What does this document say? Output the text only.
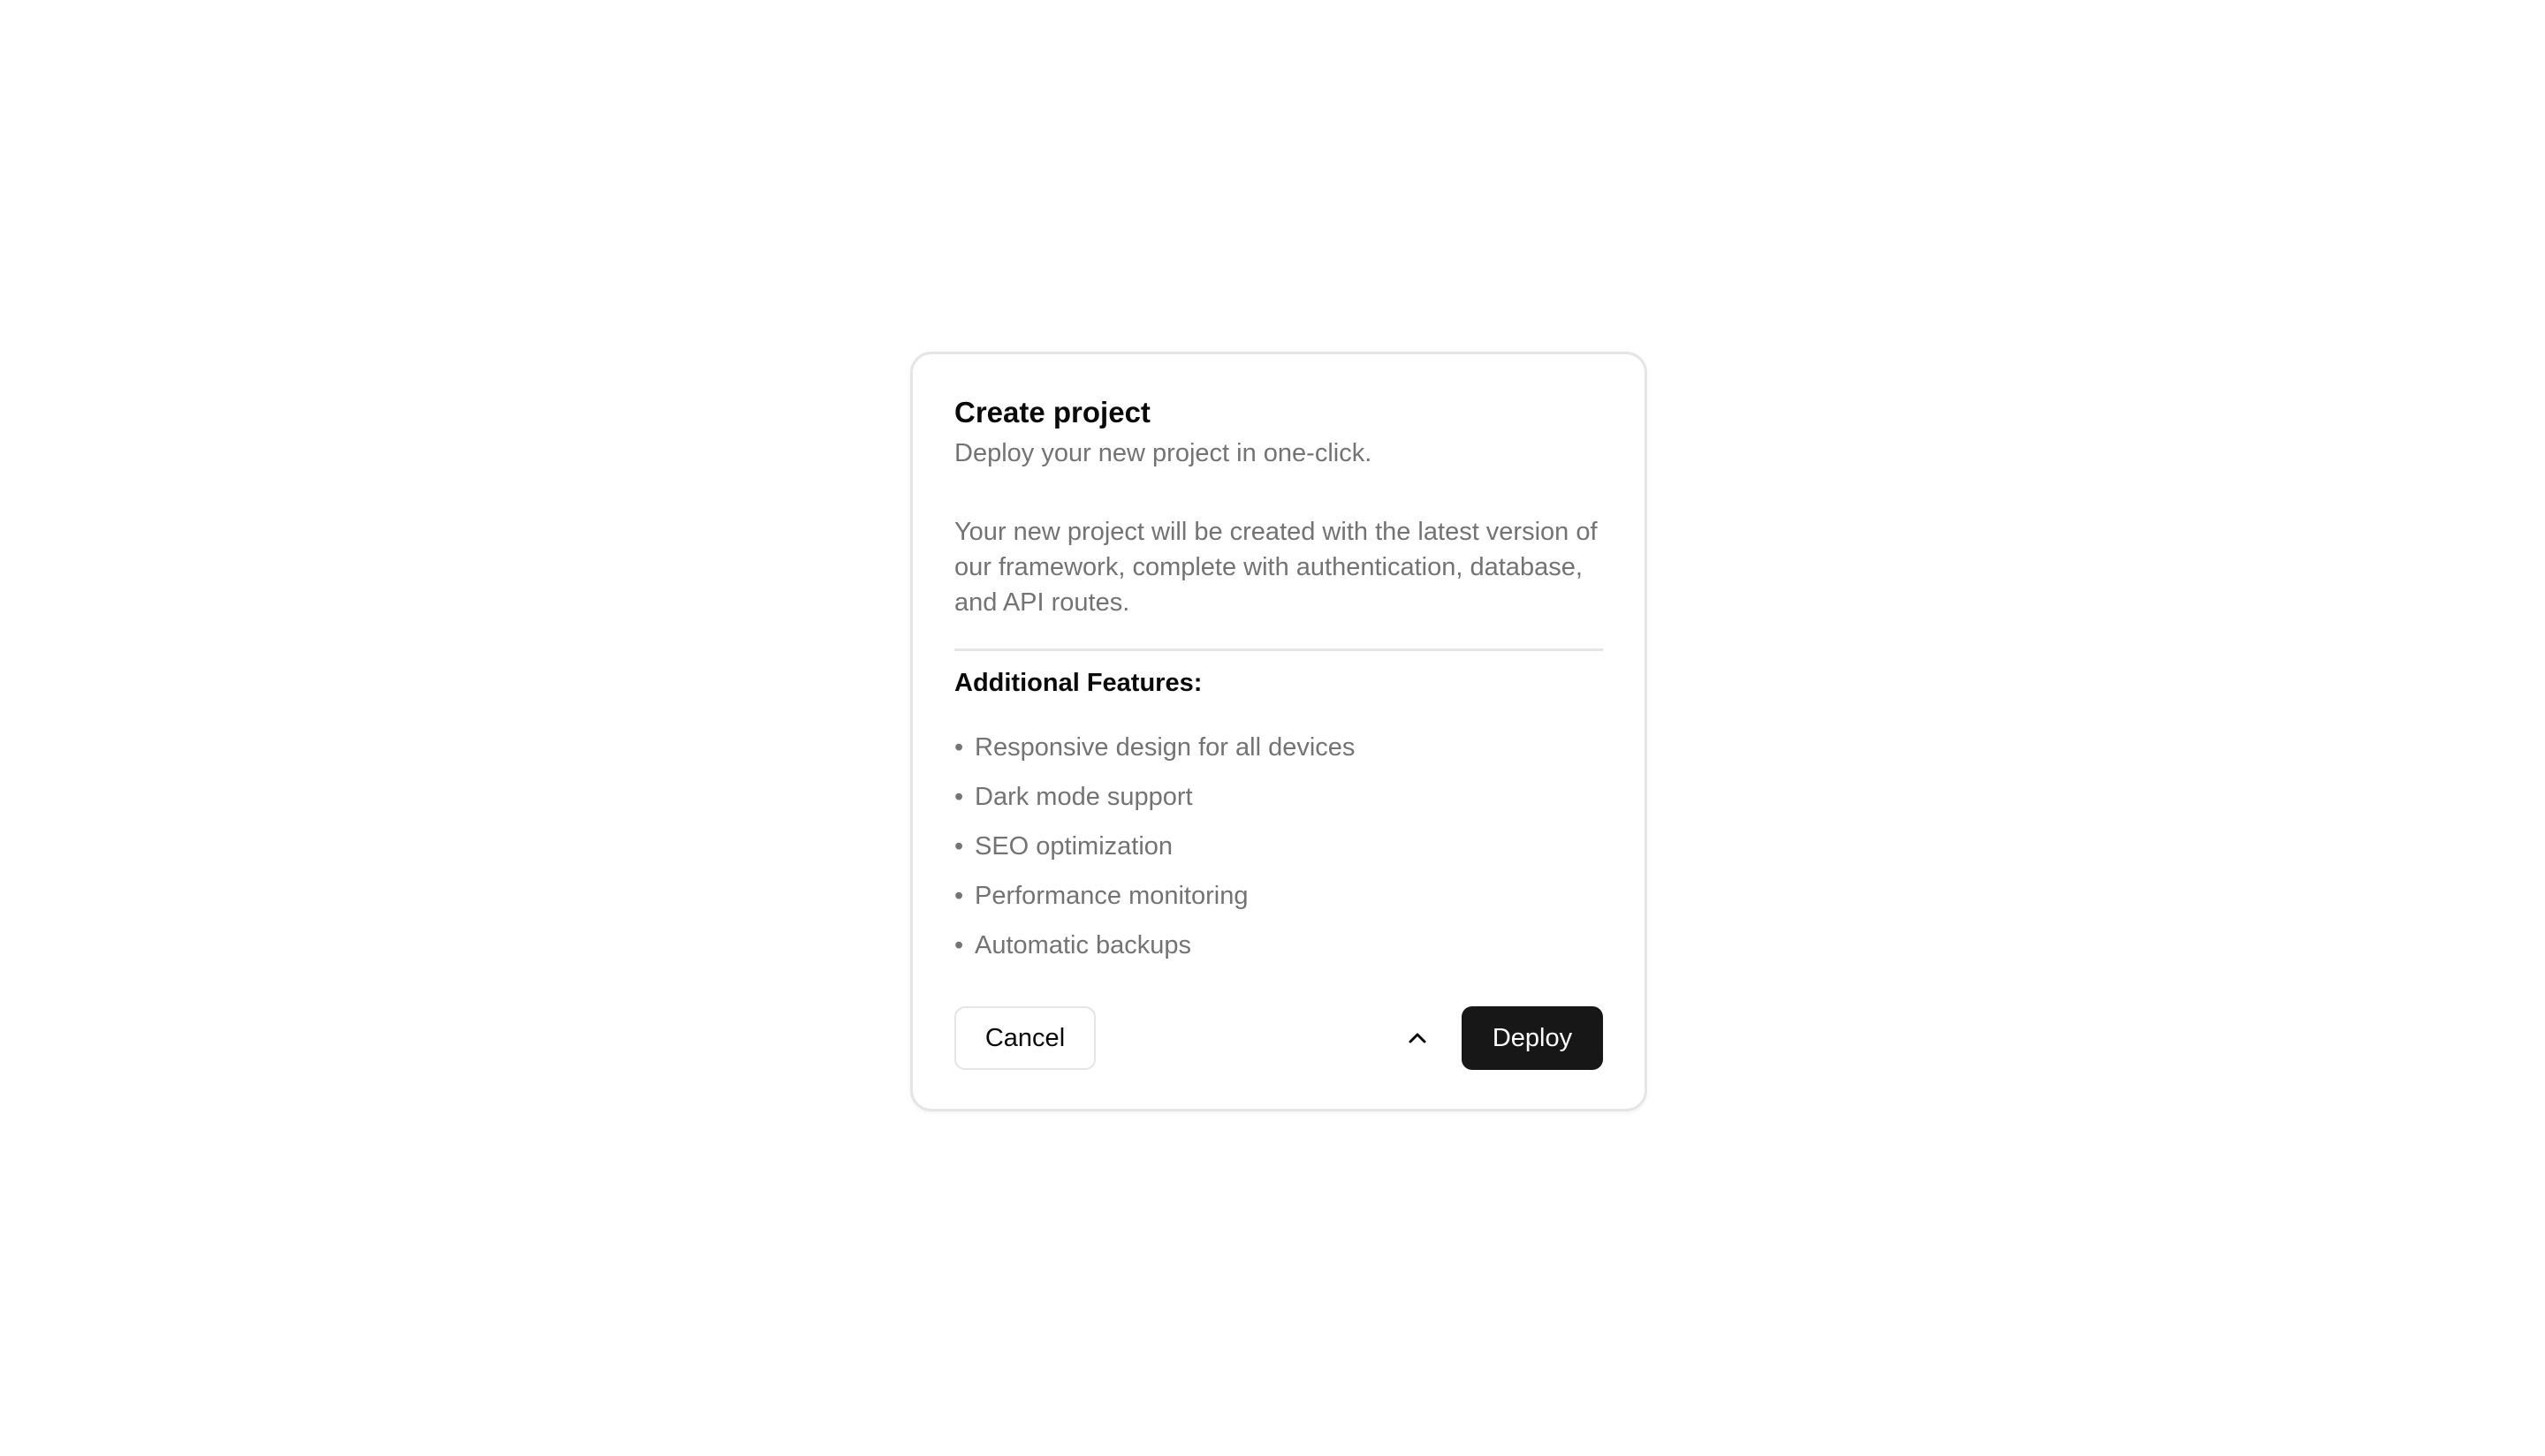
Create project
Deploy your new project in one-click.
Your new project will be created with the latest version of our framework, complete with authentication, database, and API routes.
Additional Features:
• Responsive design for all devices
• Dark mode support
• SEO optimization
• Performance monitoring
• Automatic backups
Cancel	Deploy
